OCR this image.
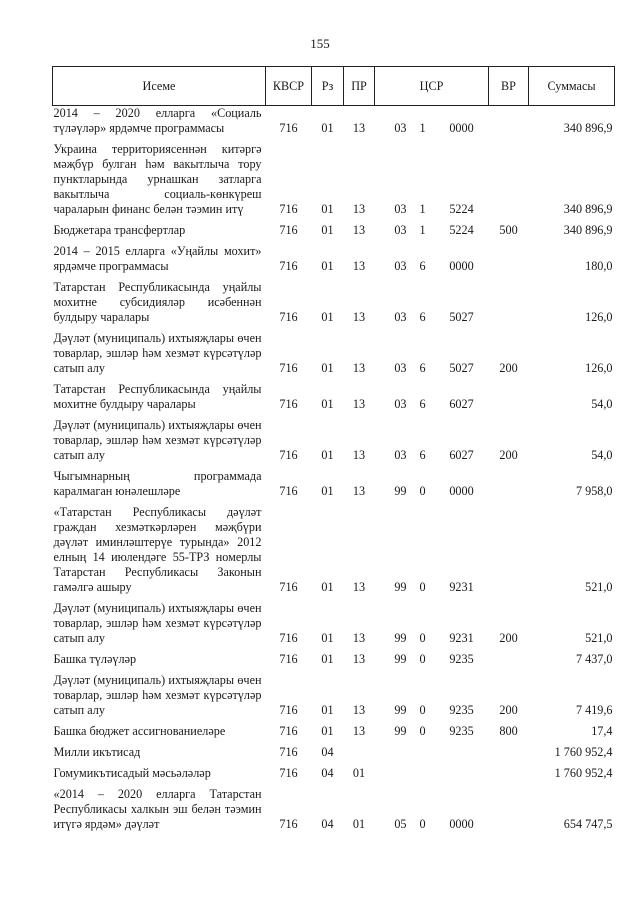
155
Исеме	КВСР	Рз	ПР	ЦСР			ВР	Суммасы
2014 – 2020 елларга «Социаль түләүләр» ярдәмче программасы	716	01	13	03	1	0000		340 896,9
Украина территориясеннән китәргә мәҗбүр булган һәм вакытлыча тору пунктларында урнашкан затларга вакытлыча социаль-көнкүреш чараларын финанс белән тәэмин итү	716	01	13	03	1	5224		340 896,9
Бюджетара трансфертлар	716	01	13	03	1	5224	500	340 896,9
2014 – 2015 елларга «Уңайлы мохит» ярдәмче программасы	716	01	13	03	6	0000		180,0
Татарстан Республикасында уңайлы мохитне субсидияләр исәбеннән булдыру чаралары	716	01	13	03	6	5027		126,0
Дәүләт (муниципаль) ихтыяҗлары өчен товарлар, эшләр һәм хезмәт күрсәтүләр сатып алу	716	01	13	03	6	5027	200	126,0
Татарстан Республикасында уңайлы мохитне булдыру чаралары	716	01	13	03	6	6027		54,0
Дәүләт (муниципаль) ихтыяҗлары өчен товарлар, эшләр һәм хезмәт күрсәтүләр сатып алу	716	01	13	03	6	6027	200	54,0
Чыгымнарның программада каралмаган юнәлешләре	716	01	13	99	0	0000		7 958,0
«Татарстан Республикасы дәүләт граждан хезмәткәрләрен мәҗбүри дәүләт иминләштерүе турында» 2012 елның 14 июлендәге 55-ТРЗ номерлы Татарстан Республикасы Законын гамәлгә ашыру	716	01	13	99	0	9231		521,0
Дәүләт (муниципаль) ихтыяҗлары өчен товарлар, эшләр һәм хезмәт күрсәтүләр сатып алу	716	01	13	99	0	9231	200	521,0
Башка түләүләр	716	01	13	99	0	9235		7 437,0
Дәүләт (муниципаль) ихтыяҗлары өчен товарлар, эшләр һәм хезмәт күрсәтүләр сатып алу	716	01	13	99	0	9235	200	7 419,6
Башка бюджет ассигнованиеләре	716	01	13	99	0	9235	800	17,4
Милли икътисад	716	04						1 760 952,4
Гомумикътисадый мәсьәләләр	716	04	01					1 760 952,4
«2014 – 2020 елларга Татарстан Республикасы халкын эш белән тәэмин итүгә ярдәм» дәүләт	716	04	01	05	0	0000		654 747,5
